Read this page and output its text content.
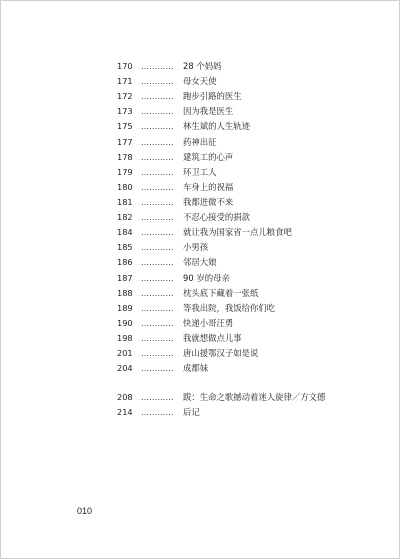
170	…………	28 个妈妈
171	…………	母女天使
172	…………	跑步引路的医生
173	…………	因为我是医生
175	…………	林生斌的人生轨迹
177	…………	药神出征
178	…………	建筑工的心声
179	…………	环卫工人
180	…………	车身上的祝福
181	…………	我都进微不来
182	…………	不忍心接受的捐款
184	…………	就让我为国家省一点儿粮食吧
185	…………	小男孩
186	…………	邻居大娘
187	…………	90 岁的母亲
188	…………	枕头底下藏着一张纸
189	…………	等我出院，我饭给你们吃
190	…………	快递小哥汪勇
198	…………	我就想做点儿事
201	…………	唐山援鄂汉子如是说
204	…………	成都妹
208	…………	跋：生命之歌撼动着迷人旋律／方文德
214	…………	后记
010
